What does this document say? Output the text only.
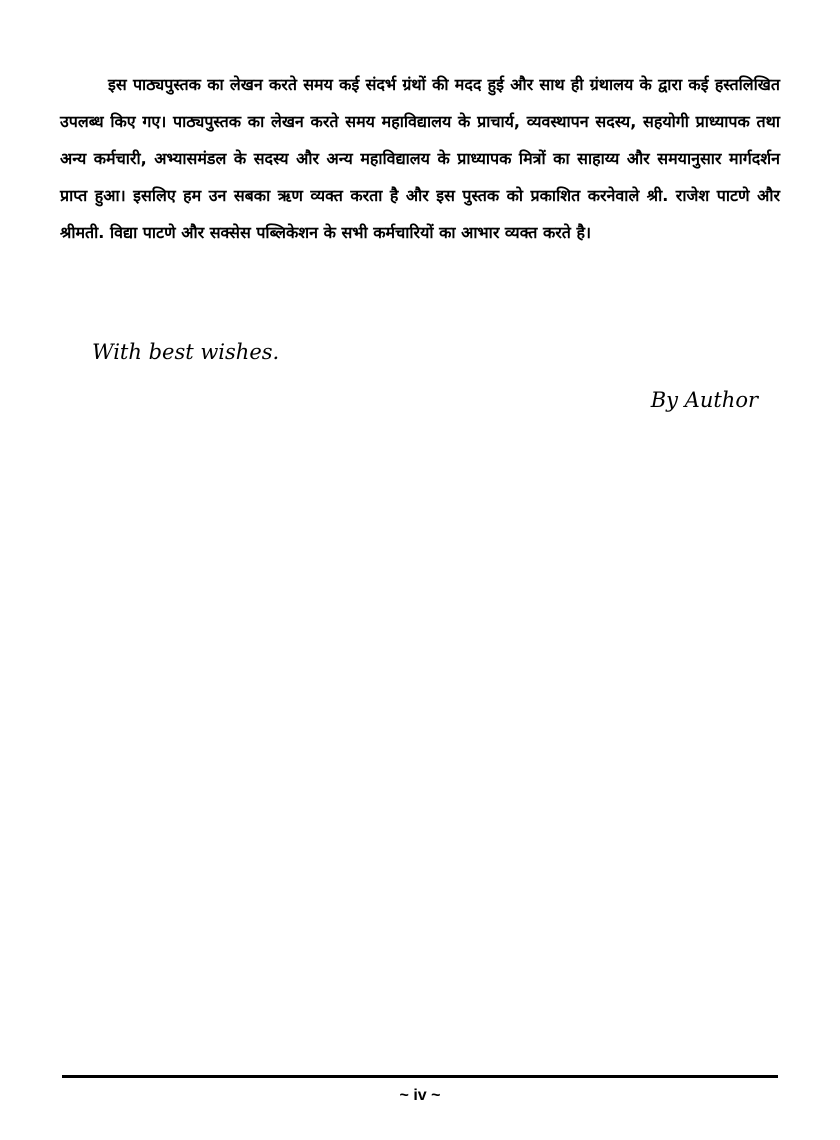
इस पाठ्यपुस्तक का लेखन करते समय कई संदर्भ ग्रंथों की मदद हुई और साथ ही ग्रंथालय के द्वारा कई हस्तलिखित उपलब्ध किए गए। पाठ्यपुस्तक का लेखन करते समय महाविद्यालय के प्राचार्य, व्यवस्थापन सदस्य, सहयोगी प्राध्यापक तथा अन्य कर्मचारी, अभ्यासमंडल के सदस्य और अन्य महाविद्यालय के प्राध्यापक मित्रों का साहाय्य और समयानुसार मार्गदर्शन प्राप्त हुआ। इसलिए हम उन सबका ऋण व्यक्त करता है और इस पुस्तक को प्रकाशित करनेवाले श्री. राजेश पाटणे और श्रीमती. विद्या पाटणे और सक्सेस पब्लिकेशन के सभी कर्मचारियों का आभार व्यक्त करते है।

With best wishes.

By Author

~ iv ~
